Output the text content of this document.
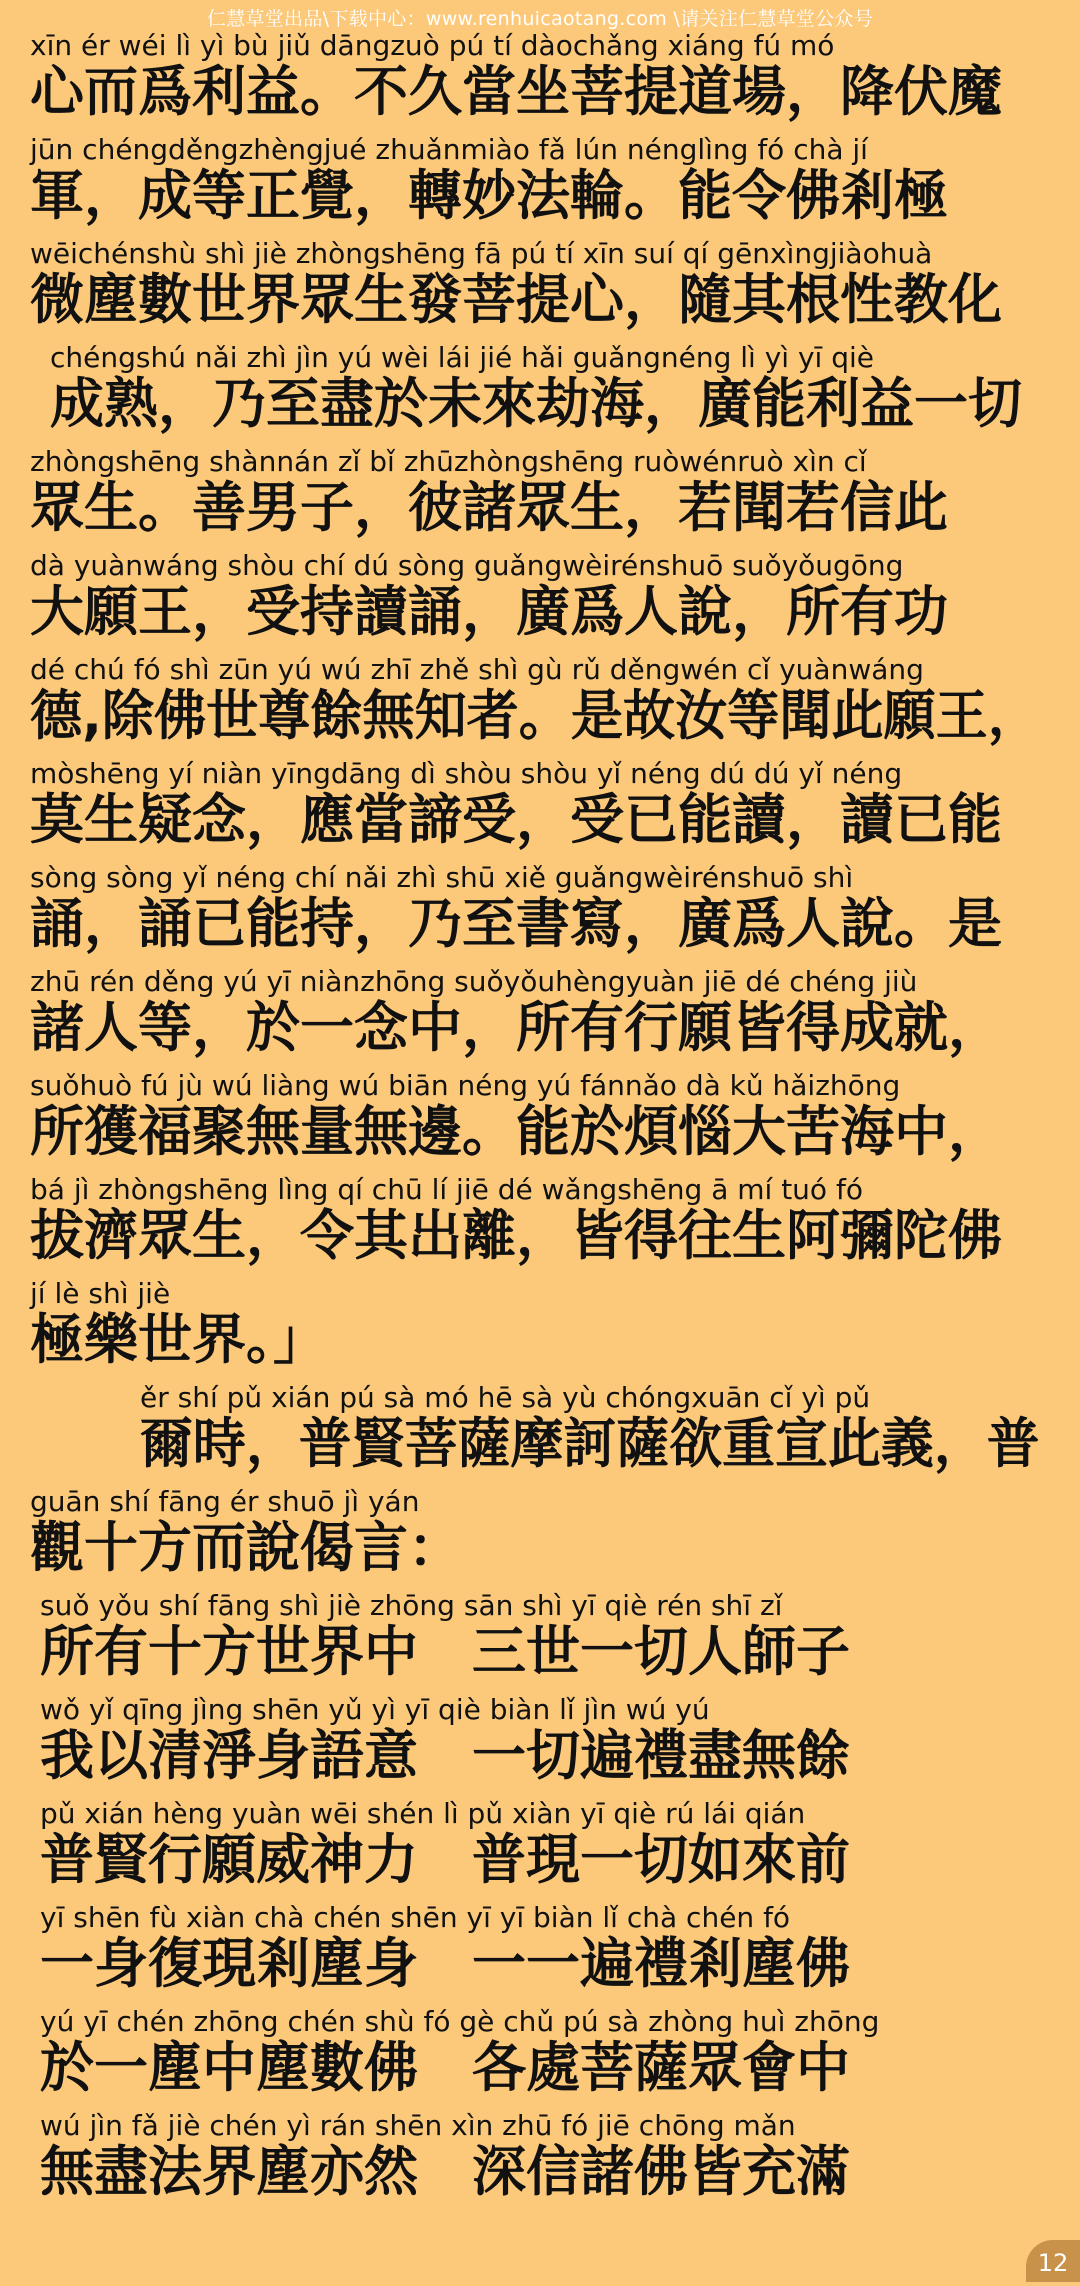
仁慧草堂出品\下载中心：www.renhuicaotang.com \请关注仁慧草堂公众号
xīn ér wéi lì yì bù jiǔ dāngzuò pú tí dàochǎng xiáng fú mó
心而爲利益。不久當坐菩提道場，降伏魔
jūn chéngděngzhèngjué zhuǎnmiào fǎ lún nénglìng fó chà jí
軍，成等正覺，轉妙法輪。能令佛剎極
wēichénshù shì jiè zhòngshēng fā pú tí xīn suí qí gēnxìngjiàohuà
微塵數世界眾生發菩提心，隨其根性教化
chéngshú nǎi zhì jìn yú wèi lái jié hǎi guǎngnéng lì yì yī qiè
成熟，乃至盡於未來劫海，廣能利益一切
zhòngshēng shànnán zǐ bǐ zhūzhòngshēng ruòwénruò xìn cǐ
眾生。善男子，彼諸眾生，若聞若信此
dà yuànwáng shòu chí dú sòng guǎngwèirénshuō suǒyǒugōng
大願王，受持讀誦，廣爲人說，所有功
dé chú fó shì zūn yú wú zhī zhě shì gù rǔ děngwén cǐ yuànwáng
德,除佛世尊餘無知者。是故汝等聞此願王，
mòshēng yí niàn yīngdāng dì shòu shòu yǐ néng dú dú yǐ néng
莫生疑念，應當諦受，受已能讀，讀已能
sòng sòng yǐ néng chí nǎi zhì shū xiě guǎngwèirénshuō shì
誦，誦已能持，乃至書寫，廣爲人說。是
zhū rén děng yú yī niànzhōng suǒyǒuhèngyuàn jiē dé chéng jiù
諸人等，於一念中，所有行願皆得成就，
suǒhuò fú jù wú liàng wú biān néng yú fánnǎo dà kǔ hǎizhōng
所獲福聚無量無邊。能於煩惱大苦海中，
bá jì zhòngshēng lìng qí chū lí jiē dé wǎngshēng ā mí tuó fó
拔濟眾生，令其出離，皆得往生阿彌陀佛
jí lè shì jiè
極樂世界。」
ěr shí pǔ xián pú sà mó hē sà yù chóngxuān cǐ yì pǔ
爾時，普賢菩薩摩訶薩欲重宣此義，普
guān shí fāng ér shuō jì yán
觀十方而說偈言：
suǒ yǒu shí fāng shì jiè zhōng sān shì yī qiè rén shī zǐ
所有十方世界中　三世一切人師子
wǒ yǐ qīng jìng shēn yǔ yì yī qiè biàn lǐ jìn wú yú
我以清淨身語意　一切遍禮盡無餘
pǔ xián hèng yuàn wēi shén lì pǔ xiàn yī qiè rú lái qián
普賢行願威神力　普現一切如來前
yī shēn fù xiàn chà chén shēn yī yī biàn lǐ chà chén fó
一身復現剎塵身　一一遍禮剎塵佛
yú yī chén zhōng chén shù fó gè chǔ pú sà zhòng huì zhōng
於一塵中塵數佛　各處菩薩眾會中
wú jìn fǎ jiè chén yì rán shēn xìn zhū fó jiē chōng mǎn
無盡法界塵亦然　深信諸佛皆充滿
12
